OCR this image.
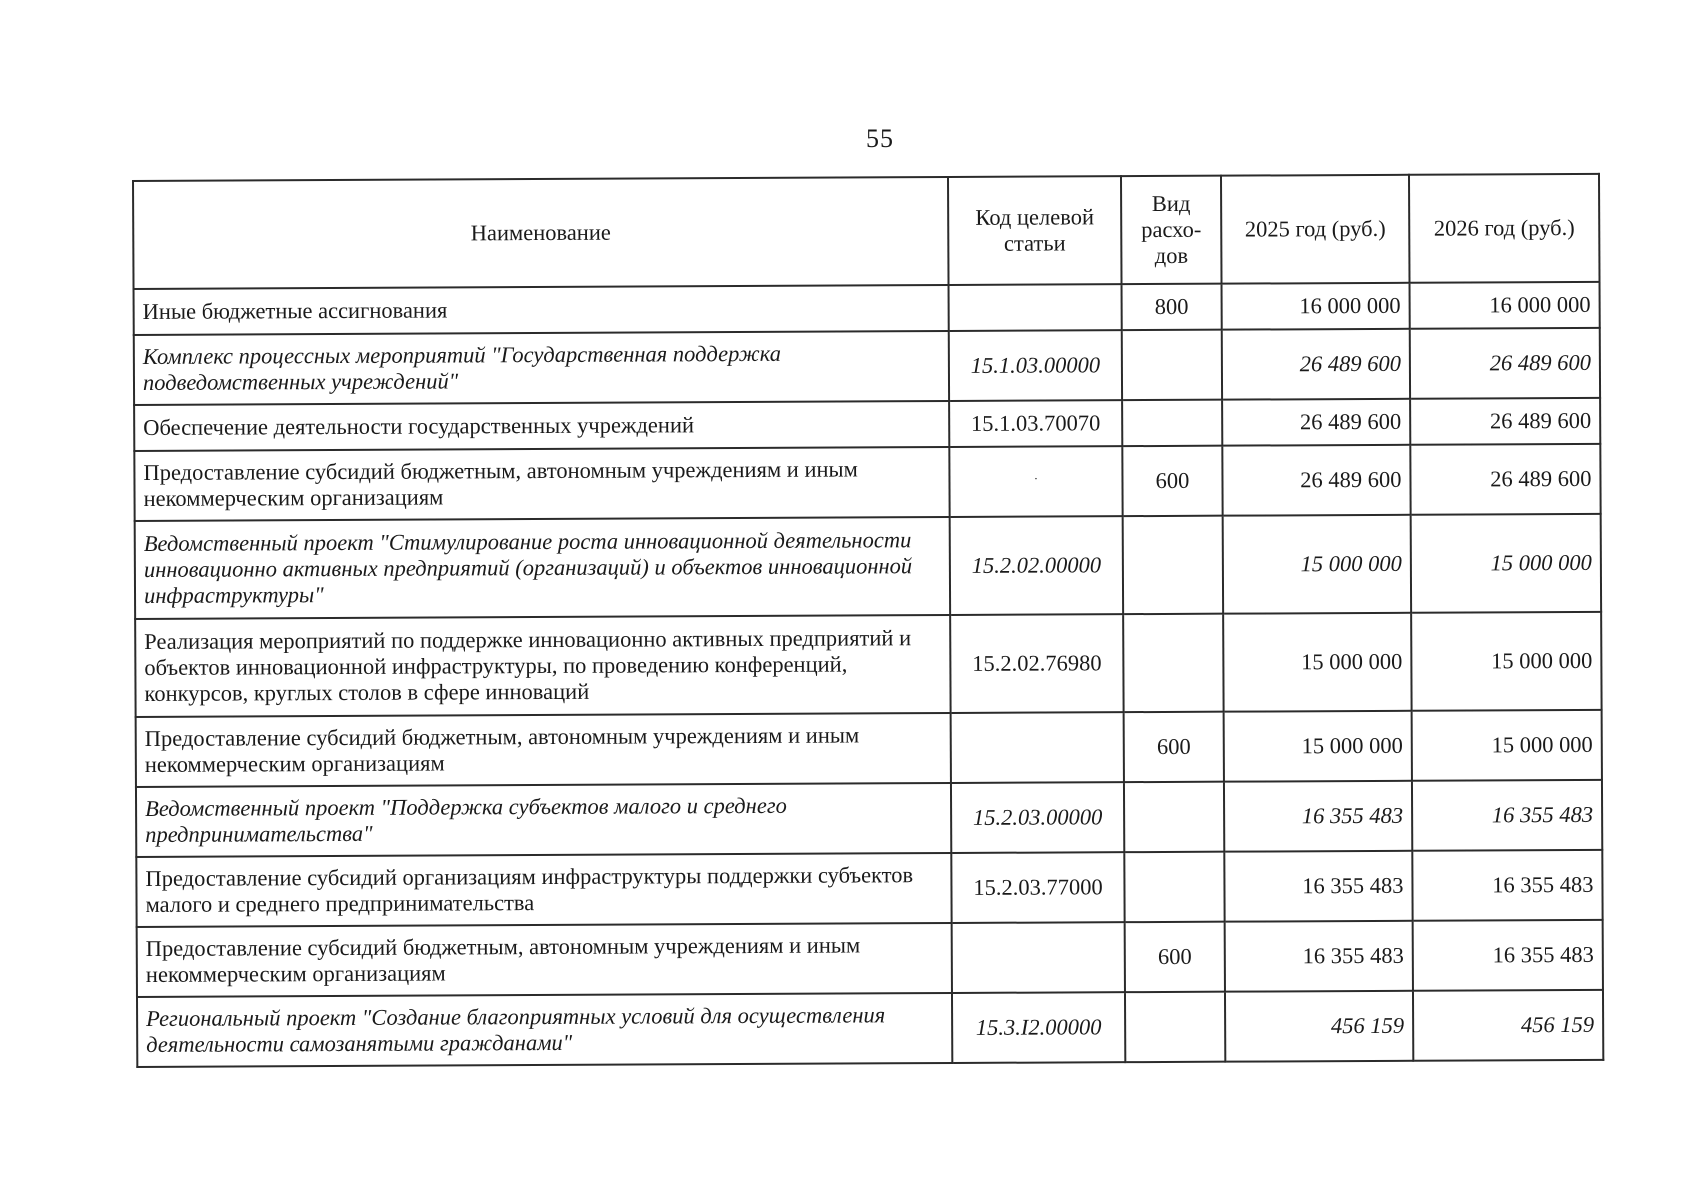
55
Наименование	Код целевой статьи	Вид расхо- дов	2025 год (руб.)	2026 год (руб.)
Иные бюджетные ассигнования		800	16 000 000	16 000 000
Комплекс процессных мероприятий "Государственная поддержка подведомственных учреждений"	15.1.03.00000		26 489 600	26 489 600
Обеспечение деятельности государственных учреждений	15.1.03.70070		26 489 600	26 489 600
Предоставление субсидий бюджетным, автономным учреждениям и иным некоммерческим организациям	·	600	26 489 600	26 489 600
Ведомственный проект "Стимулирование роста инновационной деятельности инновационно активных предприятий (организаций) и объектов инновационной инфраструктуры"	15.2.02.00000		15 000 000	15 000 000
Реализация мероприятий по поддержке инновационно активных предприятий и объектов инновационной инфраструктуры, по проведению конференций, конкурсов, круглых столов в сфере инноваций	15.2.02.76980		15 000 000	15 000 000
Предоставление субсидий бюджетным, автономным учреждениям и иным некоммерческим организациям		600	15 000 000	15 000 000
Ведомственный проект "Поддержка субъектов малого и среднего предпринимательства"	15.2.03.00000		16 355 483	16 355 483
Предоставление субсидий организациям инфраструктуры поддержки субъектов малого и среднего предпринимательства	15.2.03.77000		16 355 483	16 355 483
Предоставление субсидий бюджетным, автономным учреждениям и иным некоммерческим организациям		600	16 355 483	16 355 483
Региональный проект "Создание благоприятных условий для осуществления деятельности самозанятыми гражданами"	15.3.I2.00000		456 159	456 159
